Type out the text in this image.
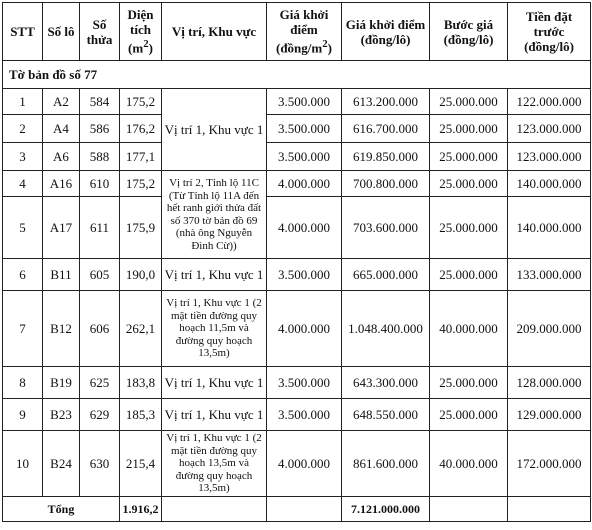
STT	Số lô	Số thửa	Diện tích $(m^2)$	Vị trí, Khu vực	Giá khởi điểm $(đồng/m^2)$	Giá khởi điểm (đồng/lô)	Bước giá (đồng/lô)	Tiền đặt trước (đồng/lô)
Tờ bản đồ số 77								
1	A2	584	175,2	Vị trí 1, Khu vực 1	3.500.000	613.200.000	25.000.000	122.000.000
2	A4	586	176,2		3.500.000	616.700.000	25.000.000	123.000.000
3	A6	588	177,1		3.500.000	619.850.000	25.000.000	123.000.000
4	A16	610	175,2	Vị trí 2, Tỉnh lộ 11C (Từ Tỉnh lộ 11A đến hết ranh giới thửa đất số 370 tờ bản đồ 69 (nhà ông Nguyễn Đình Cừ))	4.000.000	700.800.000	25.000.000	140.000.000
5	A17	611	175,9		4.000.000	703.600.000	25.000.000	140.000.000
6	B11	605	190,0	Vị trí 1, Khu vực 1	3.500.000	665.000.000	25.000.000	133.000.000
7	B12	606	262,1	Vị trí 1, Khu vực 1 (2 mặt tiền đường quy hoạch 11,5m và đường quy hoạch 13,5m)	4.000.000	1.048.400.000	40.000.000	209.000.000
8	B19	625	183,8	Vị trí 1, Khu vực 1	3.500.000	643.300.000	25.000.000	128.000.000
9	B23	629	185,3	Vị trí 1, Khu vực 1	3.500.000	648.550.000	25.000.000	129.000.000
10	B24	630	215,4	Vị trí 1, Khu vực 1 (2 mặt tiền đường quy hoạch 13,5m và đường quy hoạch 13,5m)	4.000.000	861.600.000	40.000.000	172.000.000
Tổng			1.916,2			7.121.000.000		
